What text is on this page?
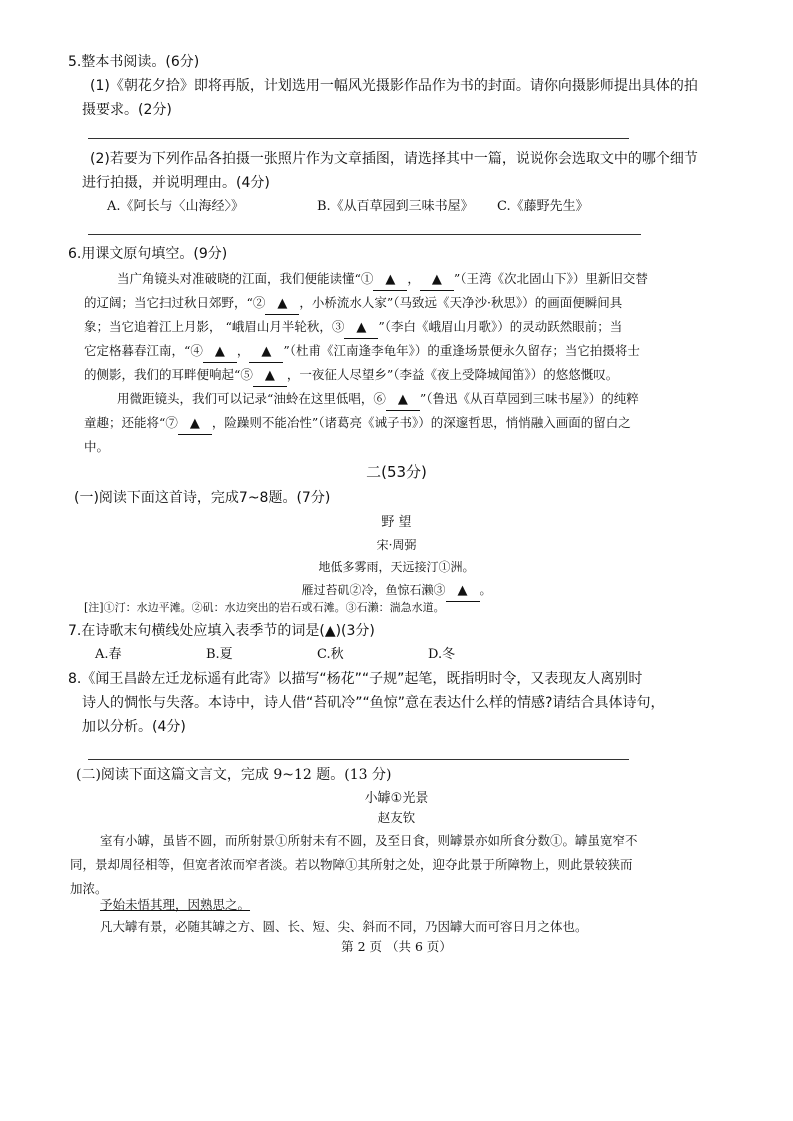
5.整本书阅读。(6分)
(1)《朝花夕拾》即将再版，计划选用一幅风光摄影作品作为书的封面。请你向摄影师提出具体的拍
摄要求。(2分)
(2)若要为下列作品各拍摄一张照片作为文章插图，请选择其中一篇，说说你会选取文中的哪个细节
进行拍摄，并说明理由。(4分)
A.《阿长与〈山海经〉》	B.《从百草园到三味书屋》 C.《藤野先生》
6.用课文原句填空。(9分)
当广角镜头对准破晓的江面，我们便能读懂“① ▲ ， ▲ ”（王湾《次北固山下》）里新旧交替
的辽阔；当它扫过秋日郊野，“② ▲ ，小桥流水人家”（马致远《天净沙·秋思》）的画面便瞬间具
象；当它追着江上月影， “峨眉山月半轮秋，③ ▲ ”（李白《峨眉山月歌》）的灵动跃然眼前；当
它定格暮春江南，“④ ▲ ， ▲ ”（杜甫《江南逢李龟年》）的重逢场景便永久留存；当它拍摄将士
的侧影，我们的耳畔便响起“⑤ ▲ ，一夜征人尽望乡”（李益《夜上受降城闻笛》）的悠悠慨叹。
用微距镜头，我们可以记录“油蛉在这里低唱，⑥ ▲ ”（鲁迅《从百草园到三味书屋》）的纯粹
童趣；还能将“⑦ ▲ ，险躁则不能冶性”（诸葛亮《诫子书》）的深邃哲思，悄悄融入画面的留白之
中。
二(53分)
(一)阅读下面这首诗，完成7~8题。(7分)
野 望
宋·周弼
地低多雾雨，天远接汀①洲。
雁过苔矶②冷，鱼惊石濑③ ▲ 。
[注]①汀：水边平滩。②矶：水边突出的岩石或石滩。③石濑：湍急水道。
7.在诗歌末句横线处应填入表季节的词是(▲)(3分)
A.春	B.夏	C.秋	D.冬
8.《闻王昌龄左迁龙标遥有此寄》以描写“杨花”“子规”起笔，既指明时令，又表现友人离别时
诗人的惆怅与失落。本诗中，诗人借“苔矶冷”“鱼惊”意在表达什么样的情感?请结合具体诗句，
加以分析。(4分)
(二)阅读下面这篇文言文，完成 9~12 题。(13 分)
小罅①光景
赵友钦
室有小罅，虽皆不圆，而所射景①所射未有不圆，及至日食，则罅景亦如所食分数①。罅虽宽窄不
同，景却周径相等，但宽者浓而窄者淡。若以物障①其所射之处，迎夺此景于所障物上，则此景较狭而
加浓。
予始未悟其理，因熟思之。
凡大罅有景，必随其罅之方、圆、长、短、尖、斜而不同，乃因罅大而可容日月之体也。
第 2 页 （共 6 页）
